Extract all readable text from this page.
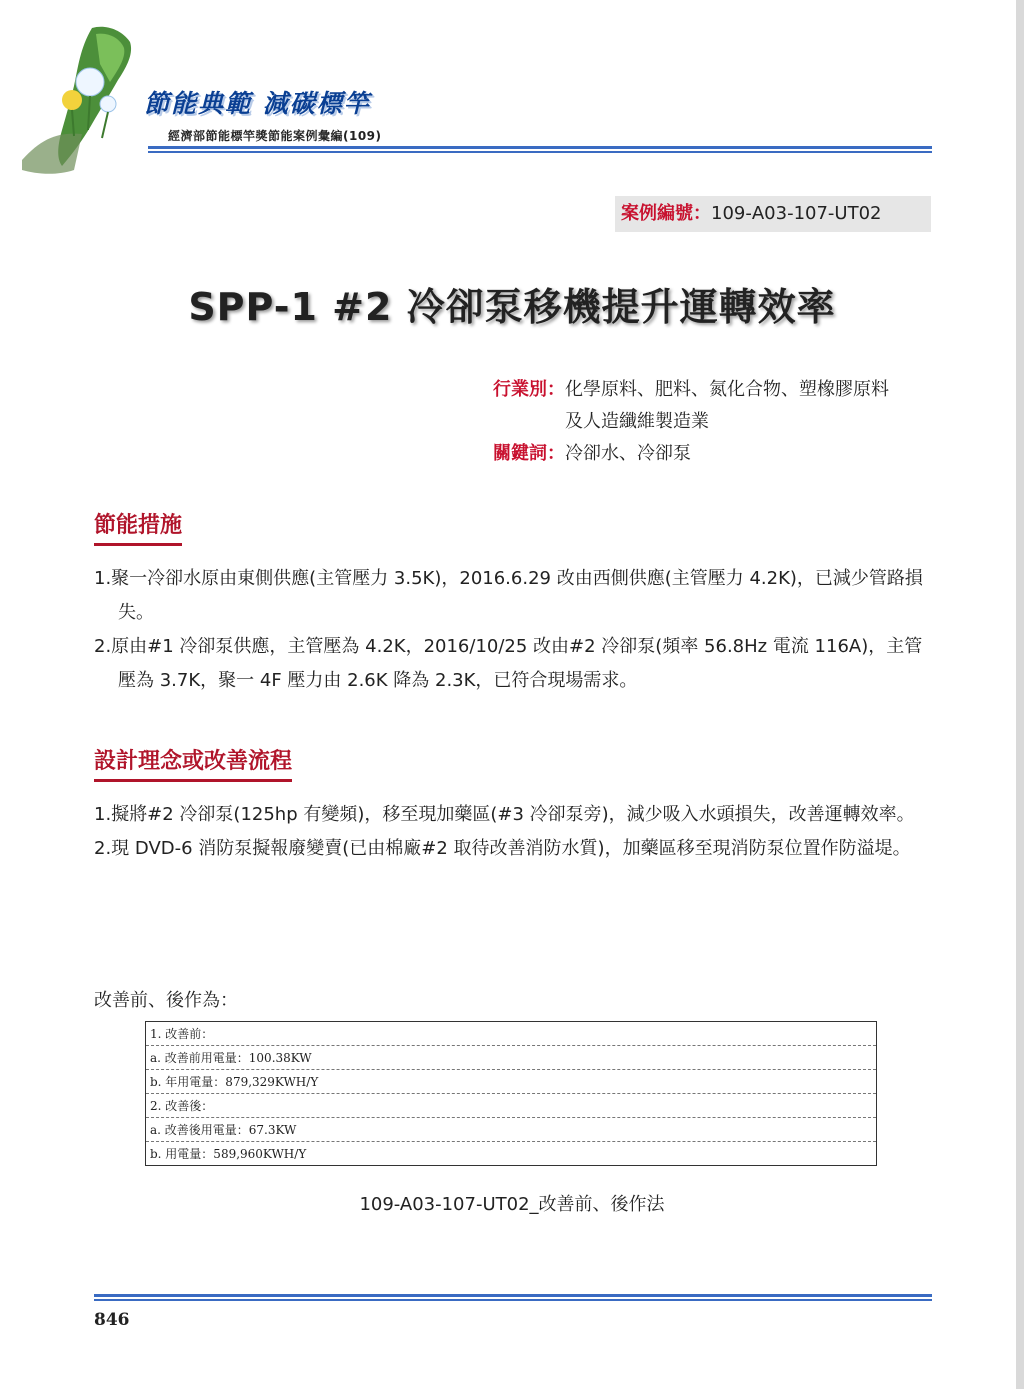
節能典範 減碳標竿
經濟部節能標竿獎節能案例彙編(109)
案例編號：109-A03-107-UT02
SPP-1 #2 冷卻泵移機提升運轉效率
行業別： 化學原料、肥料、氮化合物、塑橡膠原料及人造纖維製造業
關鍵詞： 冷卻水、冷卻泵
節能措施
1.聚一冷卻水原由東側供應(主管壓力 3.5K)，2016.6.29 改由西側供應(主管壓力 4.2K)，已減少管路損失。
2.原由#1 冷卻泵供應，主管壓為 4.2K，2016/10/25 改由#2 冷卻泵(頻率 56.8Hz 電流 116A)，主管壓為 3.7K，聚一 4F 壓力由 2.6K 降為 2.3K，已符合現場需求。
設計理念或改善流程
1.擬將#2 冷卻泵(125hp 有變頻)，移至現加藥區(#3 冷卻泵旁)，減少吸入水頭損失，改善運轉效率。
2.現 DVD-6 消防泵擬報廢變賣(已由棉廠#2 取待改善消防水質)，加藥區移至現消防泵位置作防溢堤。
改善前、後作為：
1. 改善前：
a. 改善前用電量：100.38KW
b. 年用電量：879,329KWH/Y
2. 改善後：
a. 改善後用電量：67.3KW
b. 用電量：589,960KWH/Y
109-A03-107-UT02_改善前、後作法
846
